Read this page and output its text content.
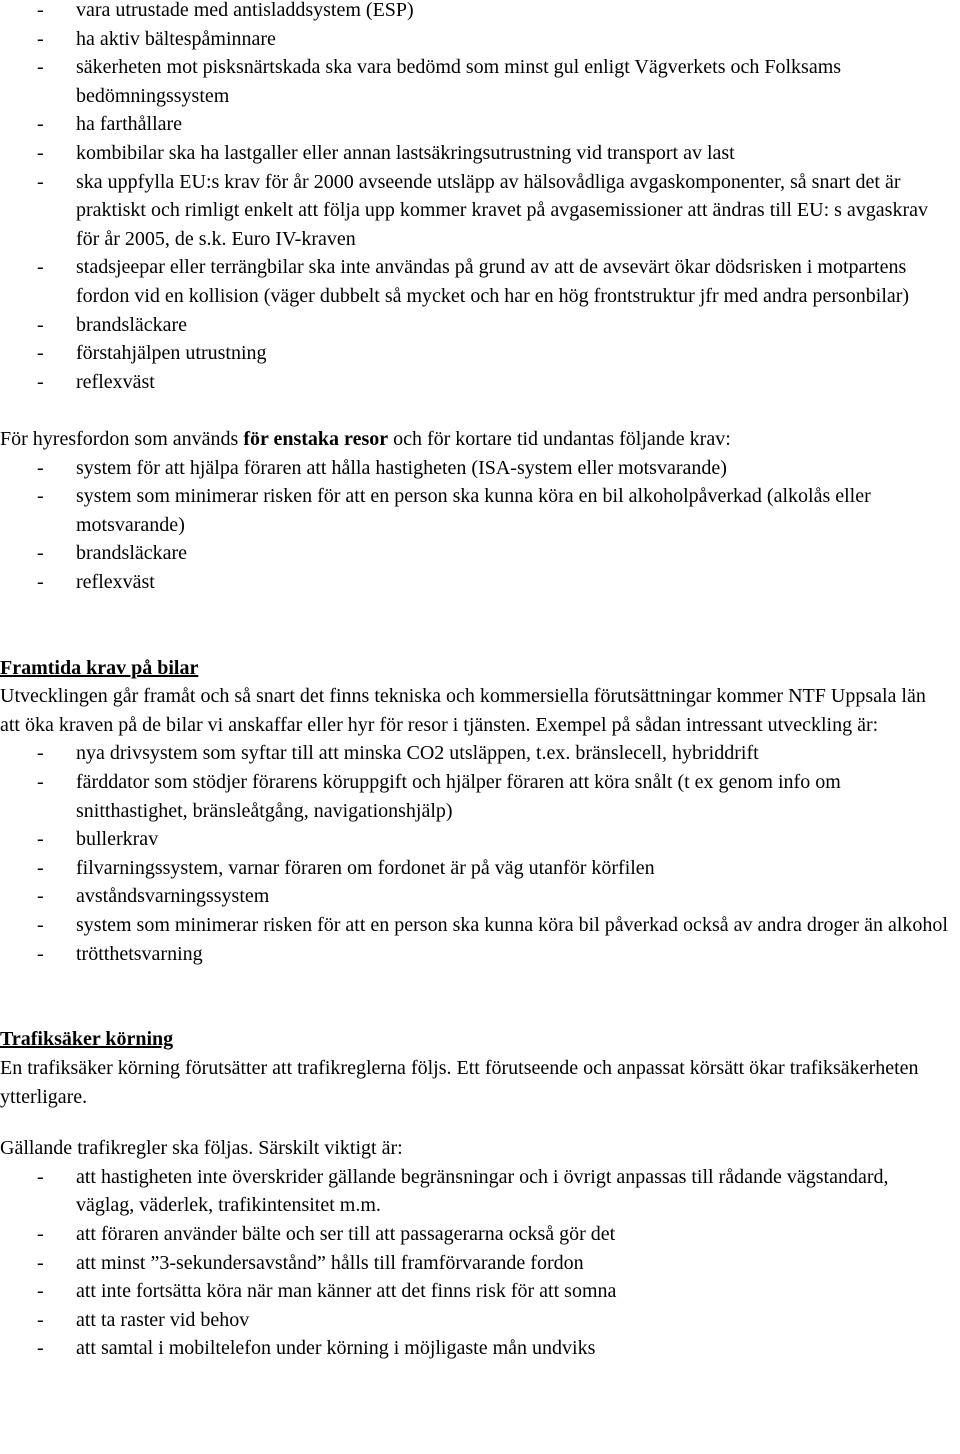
- vara utrustade med antisladdsystem (ESP)
- ha aktiv bältespåminnare
- säkerheten mot pisksnärtskada ska vara bedömd som minst gul enligt Vägverkets och Folksams bedömningssystem
- ha farthållare
- kombibilar ska ha lastgaller eller annan lastsäkringsutrustning vid transport av last
- ska uppfylla EU:s krav för år 2000 avseende utsläpp av hälsovådliga avgaskomponenter, så snart det är praktiskt och rimligt enkelt att följa upp kommer kravet på avgasemissioner att ändras till EU: s avgaskrav för år 2005, de s.k. Euro IV-kraven
- stadsjeepar eller terrängbilar ska inte användas på grund av att de avsevärt ökar dödsrisken i motpartens fordon vid en kollision (väger dubbelt så mycket och har en hög frontstruktur jfr med andra personbilar)
- brandsläckare
- förstahjälpen utrustning
- reflexväst

För hyresfordon som används för enstaka resor och för kortare tid undantas följande krav:

- system för att hjälpa föraren att hålla hastigheten (ISA-system eller motsvarande)
- system som minimerar risken för att en person ska kunna köra en bil alkoholpåverkad (alkolås eller motsvarande)
- brandsläckare
- reflexväst

Framtida krav på bilar

Utvecklingen går framåt och så snart det finns tekniska och kommersiella förutsättningar kommer NTF Uppsala län att öka kraven på de bilar vi anskaffar eller hyr för resor i tjänsten. Exempel på sådan intressant utveckling är:

- nya drivsystem som syftar till att minska CO2 utsläppen, t.ex. bränslecell, hybriddrift
- färddator som stödjer förarens köruppgift och hjälper föraren att köra snålt (t ex genom info om snitthastighet, bränsleåtgång, navigationshjälp)
- bullerkrav
- filvarningssystem, varnar föraren om fordonet är på väg utanför körfilen
- avståndsvarningssystem
- system som minimerar risken för att en person ska kunna köra bil påverkad också av andra droger än alkohol
- trötthetsvarning

Trafiksäker körning

En trafiksäker körning förutsätter att trafikreglerna följs. Ett förutseende och anpassat körsätt ökar trafiksäkerheten ytterligare.

Gällande trafikregler ska följas. Särskilt viktigt är:

- att hastigheten inte överskrider gällande begränsningar och i övrigt anpassas till rådande vägstandard, väglag, väderlek, trafikintensitet m.m.
- att föraren använder bälte och ser till att passagerarna också gör det
- att minst ”3-sekundersavstånd” hålls till framförvarande fordon
- att inte fortsätta köra när man känner att det finns risk för att somna
- att ta raster vid behov
- att samtal i mobiltelefon under körning i möjligaste mån undviks
